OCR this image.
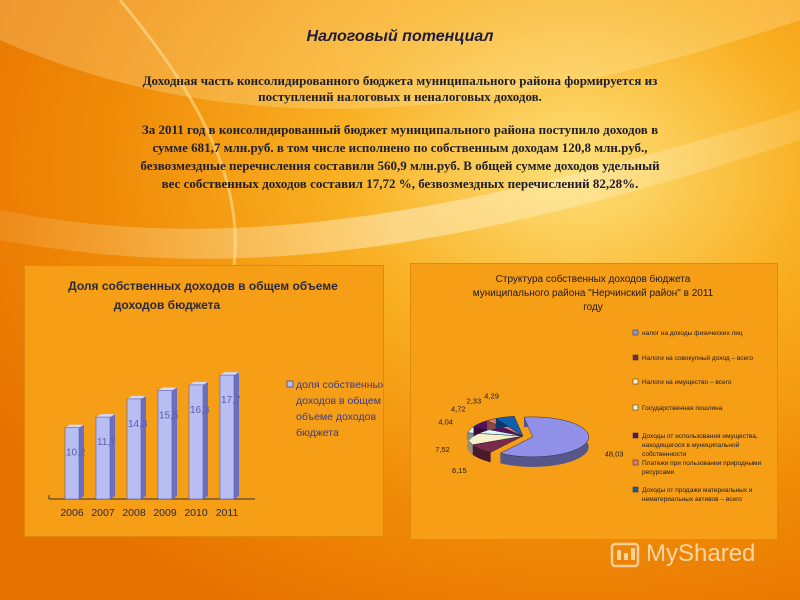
Налоговый потенциал

Доходная часть консолидированного бюджета муниципального района формируется из
поступлений налоговых и неналоговых доходов.

За 2011 год в консолидированный бюджет муниципального района поступило доходов в
сумме 681,7 млн.руб. в том числе исполнено по собственным доходам 120,8 млн.руб.,
безвозмездные перечисления составили 560,9 млн.руб. В общей сумме доходов удельный
вес собственных доходов составил 17,72 %, безвозмездных перечислений 82,28%.

Доля собственных доходов в общем объеме
доходов бюджета
10,2
2006
11,7
2007
14,3
2008
15,5
2009
16,3
2010
17,7
2011
доля собственных
доходов в общем
объеме доходов
бюджета
Структура собственных доходов бюджета
муниципального района "Нерчинский район" в 2011
году
48,03
6,15
7,52
4,04
4,72
2,33
4,29
налог на доходы физических лиц
Налоги на совокупный доход – всего
Налоги на имущество – всего
Государственная пошлина
Доходы от использования имущества,
находящегося в муниципальной
собственности
Платежи при пользовании природными
ресурсами
Доходы от продажи материальных и
нематериальных активов – всего
MyShared
